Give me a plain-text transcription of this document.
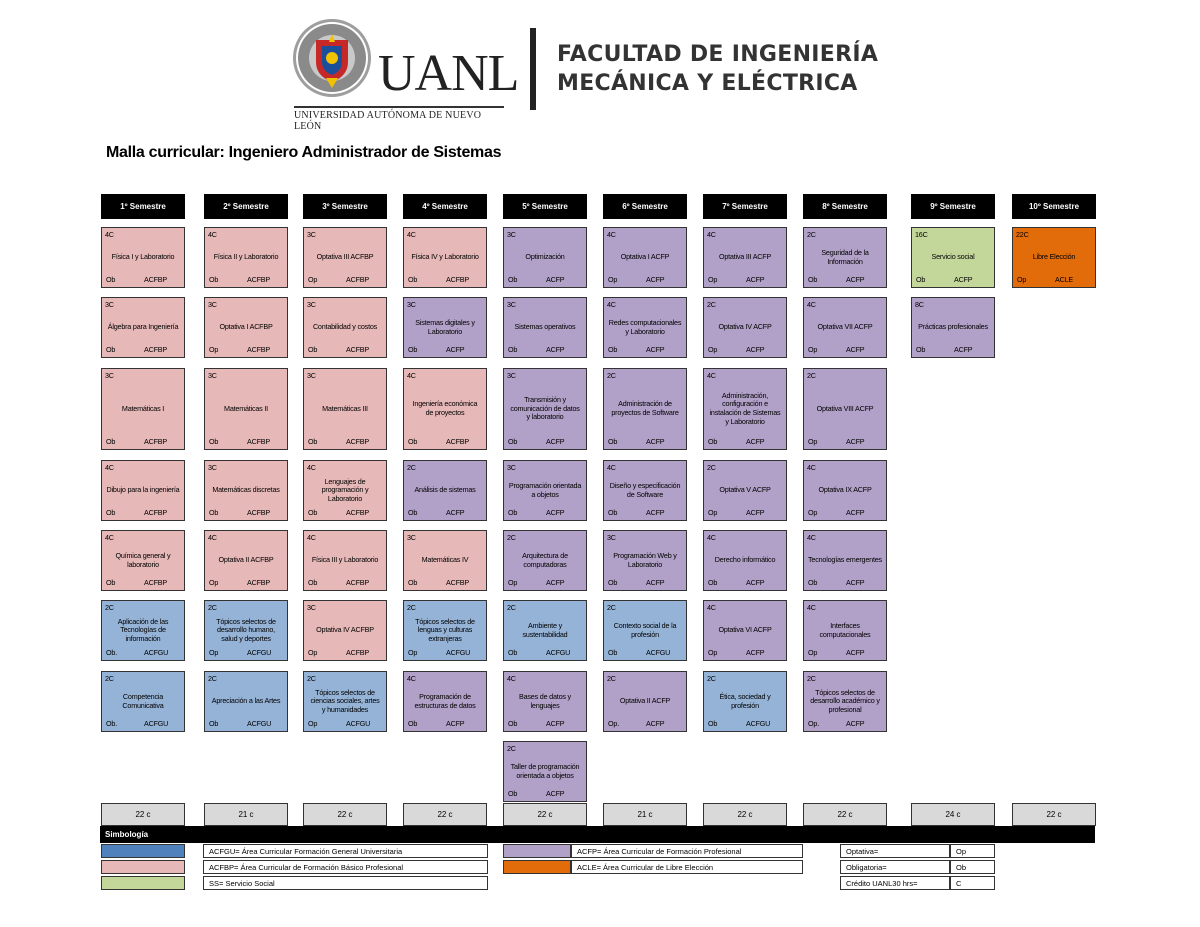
UANL
UNIVERSIDAD AUTÓNOMA DE NUEVO LEÓN
FACULTAD DE INGENIERÍA
MECÁNICA Y ELÉCTRICA
Malla curricular: Ingeniero Administrador de Sistemas
1º Semestre	2º Semestre	3º Semestre	4º Semestre	5º Semestre	6º Semestre	7º Semestre	8º Semestre	9º Semestre	10º Semestre
4C
Física I y Laboratorio
Ob	ACFBP
3C
Álgebra para Ingeniería
Ob	ACFBP
3C
Matemáticas I
Ob	ACFBP
4C
Dibujo para la ingeniería
Ob	ACFBP
4C
Química general y laboratorio
Ob	ACFBP
2C
Aplicación de las Tecnologías de información
Ob.	ACFGU
2C
Competencia Comunicativa
Ob.	ACFGU
4C
Física II y Laboratorio
Ob	ACFBP
3C
Optativa I ACFBP
Op	ACFBP
3C
Matemáticas II
Ob	ACFBP
3C
Matemáticas discretas
Ob	ACFBP
4C
Optativa II ACFBP
Op	ACFBP
2C
Tópicos selectos de desarrollo humano, salud y deportes
Op	ACFGU
2C
Apreciación a las Artes
Ob	ACFGU
3C
Optativa III ACFBP
Op	ACFBP
3C
Contabilidad y costos
Ob	ACFBP
3C
Matemáticas III
Ob	ACFBP
4C
Lenguajes de programación y Laboratorio
Ob	ACFBP
4C
Física III y Laboratorio
Ob	ACFBP
3C
Optativa IV ACFBP
Op	ACFBP
2C
Tópicos selectos de ciencias sociales, artes y humanidades
Op	ACFGU
4C
Física IV y Laboratorio
Ob	ACFBP
3C
Sistemas digitales y Laboratorio
Ob	ACFP
4C
Ingeniería económica de proyectos
Ob	ACFBP
2C
Análisis de sistemas
Ob	ACFP
3C
Matemáticas IV
Ob	ACFBP
2C
Tópicos selectos de lenguas y culturas extranjeras
Op	ACFGU
4C
Programación de estructuras de datos
Ob	ACFP
3C
Optimización
Ob	ACFP
3C
Sistemas operativos
Ob	ACFP
3C
Transmisión y comunicación de datos y laboratorio
Ob	ACFP
3C
Programación orientada a objetos
Ob	ACFP
2C
Arquitectura de computadoras
Op	ACFP
2C
Ambiente y sustentabilidad
Ob	ACFGU
4C
Bases de datos y lenguajes
Ob	ACFP
2C
Taller de programación orientada a objetos
Ob	ACFP
4C
Optativa I ACFP
Op	ACFP
4C
Redes computacionales y Laboratorio
Ob	ACFP
2C
Administración de proyectos de Software
Ob	ACFP
4C
Diseño y especificación de Software
Ob	ACFP
3C
Programación Web y Laboratorio
Ob	ACFP
2C
Contexto social de la profesión
Ob	ACFGU
2C
Optativa II ACFP
Op.	ACFP
4C
Optativa III ACFP
Op	ACFP
2C
Optativa IV ACFP
Op	ACFP
4C
Administración, configuración e instalación de Sistemas y Laboratorio
Ob	ACFP
2C
Optativa V ACFP
Op	ACFP
4C
Derecho informático
Ob	ACFP
4C
Optativa VI ACFP
Op	ACFP
2C
Ética, sociedad y profesión
Ob	ACFGU
2C
Seguridad de la Información
Ob	ACFP
4C
Optativa VII ACFP
Op	ACFP
2C
Optativa VIII ACFP
Op	ACFP
4C
Optativa IX ACFP
Op	ACFP
4C
Tecnologías emergentes
Ob	ACFP
4C
Interfaces computacionales
Op	ACFP
2C
Tópicos selectos de desarrollo académico y profesional
Op.	ACFP
16C
Servicio social
Ob	ACFP
8C
Prácticas profesionales
Ob	ACFP
22C
Libre Elección
Op	ACLE
22 c	21 c	22 c	22 c	22 c	21 c	22 c	22 c	24 c	22 c
Simbología
ACFGU= Área Curricular Formación General Universitaria
ACFBP= Área Curricular de Formación Básico Profesional
SS= Servicio Social
ACFP= Área Curricular de Formación Profesional
ACLE= Área Curricular de Libre Elección
Optativa=	Op
Obligatoria=	Ob
Crédito UANL30 hrs=	C
